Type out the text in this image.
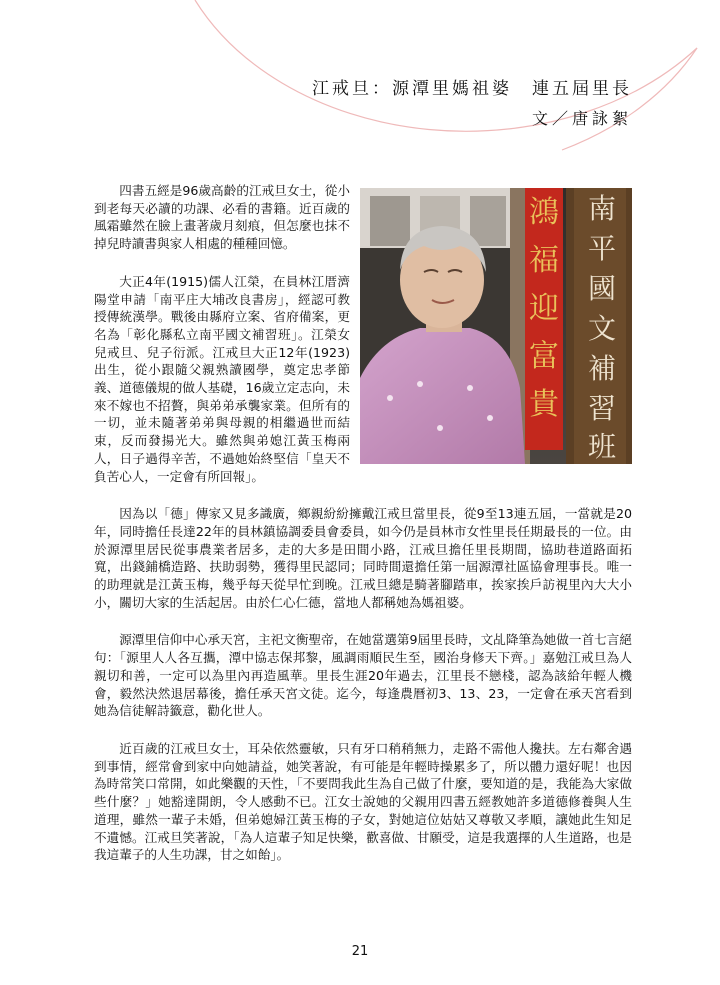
江戒旦：源潭里媽祖婆　連五屆里長
文／唐詠絮
鴻
福
迎
富
貴
南
平
國
文
補
習
班

四書五經是96歲高齡的江戒旦女士，從小到老每天必讀的功課、必看的書籍。近百歲的風霜雖然在臉上畫著歲月刻痕，但怎麼也抹不掉兒時讀書與家人相處的種種回憶。

大正4年(1915)儒人江榮，在員林江厝濟陽堂申請「南平庄大埔改良書房」，經認可教授傳統漢學。戰後由縣府立案、省府備案，更名為「彰化縣私立南平國文補習班」。江榮女兒戒旦、兒子衍派。江戒旦大正12年(1923)出生，從小跟隨父親熟讀國學，奠定忠孝節義、道德儀規的做人基礎，16歲立定志向，未來不嫁也不招贅，與弟弟承襲家業。但所有的一切，並未隨著弟弟與母親的相繼過世而結束，反而發揚光大。雖然與弟媳江黃玉梅兩人，日子過得辛苦，不過她始終堅信「皇天不負苦心人，一定會有所回報」。

因為以「德」傳家又見多識廣，鄉親紛紛擁戴江戒旦當里長，從9至13連五屆，一當就是20年，同時擔任長達22年的員林鎮協調委員會委員，如今仍是員林市女性里長任期最長的一位。由於源潭里居民從事農業者居多，走的大多是田間小路，江戒旦擔任里長期間，協助巷道路面拓寬，出錢鋪橋造路、扶助弱勢，獲得里民認同；同時間還擔任第一屆源潭社區協會理事長。唯一的助理就是江黃玉梅，幾乎每天從早忙到晚。江戒旦總是騎著腳踏車，挨家挨戶訪視里內大大小小，關切大家的生活起居。由於仁心仁德，當地人都稱她為媽祖婆。

源潭里信仰中心承天宮，主祀文衡聖帝，在她當選第9屆里長時，文乩降筆為她做一首七言絕句：「源里人人各互攜，潭中協志保邦黎，風調雨順民生至，國治身修天下齊。」嘉勉江戒旦為人親切和善，一定可以為里內再造風華。里長生涯20年過去，江里長不戀棧，認為該給年輕人機會，毅然決然退居幕後，擔任承天宮文徒。迄今，每逢農曆初3、13、23，一定會在承天宮看到她為信徒解詩籤意，勸化世人。

近百歲的江戒旦女士，耳朵依然靈敏，只有牙口稍稍無力，走路不需他人攙扶。左右鄰舍遇到事情，經常會到家中向她請益，她笑著說，有可能是年輕時操累多了，所以體力還好呢！也因為時常笑口常開，如此樂觀的天性，「不要問我此生為自己做了什麼，要知道的是，我能為大家做些什麼？」她豁達開朗，令人感動不已。江女士說她的父親用四書五經教她許多道德修養與人生道理，雖然一輩子未婚，但弟媳婦江黃玉梅的子女，對她這位姑姑又尊敬又孝順，讓她此生知足不遺憾。江戒旦笑著說，「為人這輩子知足快樂，歡喜做、甘願受，這是我選擇的人生道路，也是我這輩子的人生功課，甘之如飴」。

21
